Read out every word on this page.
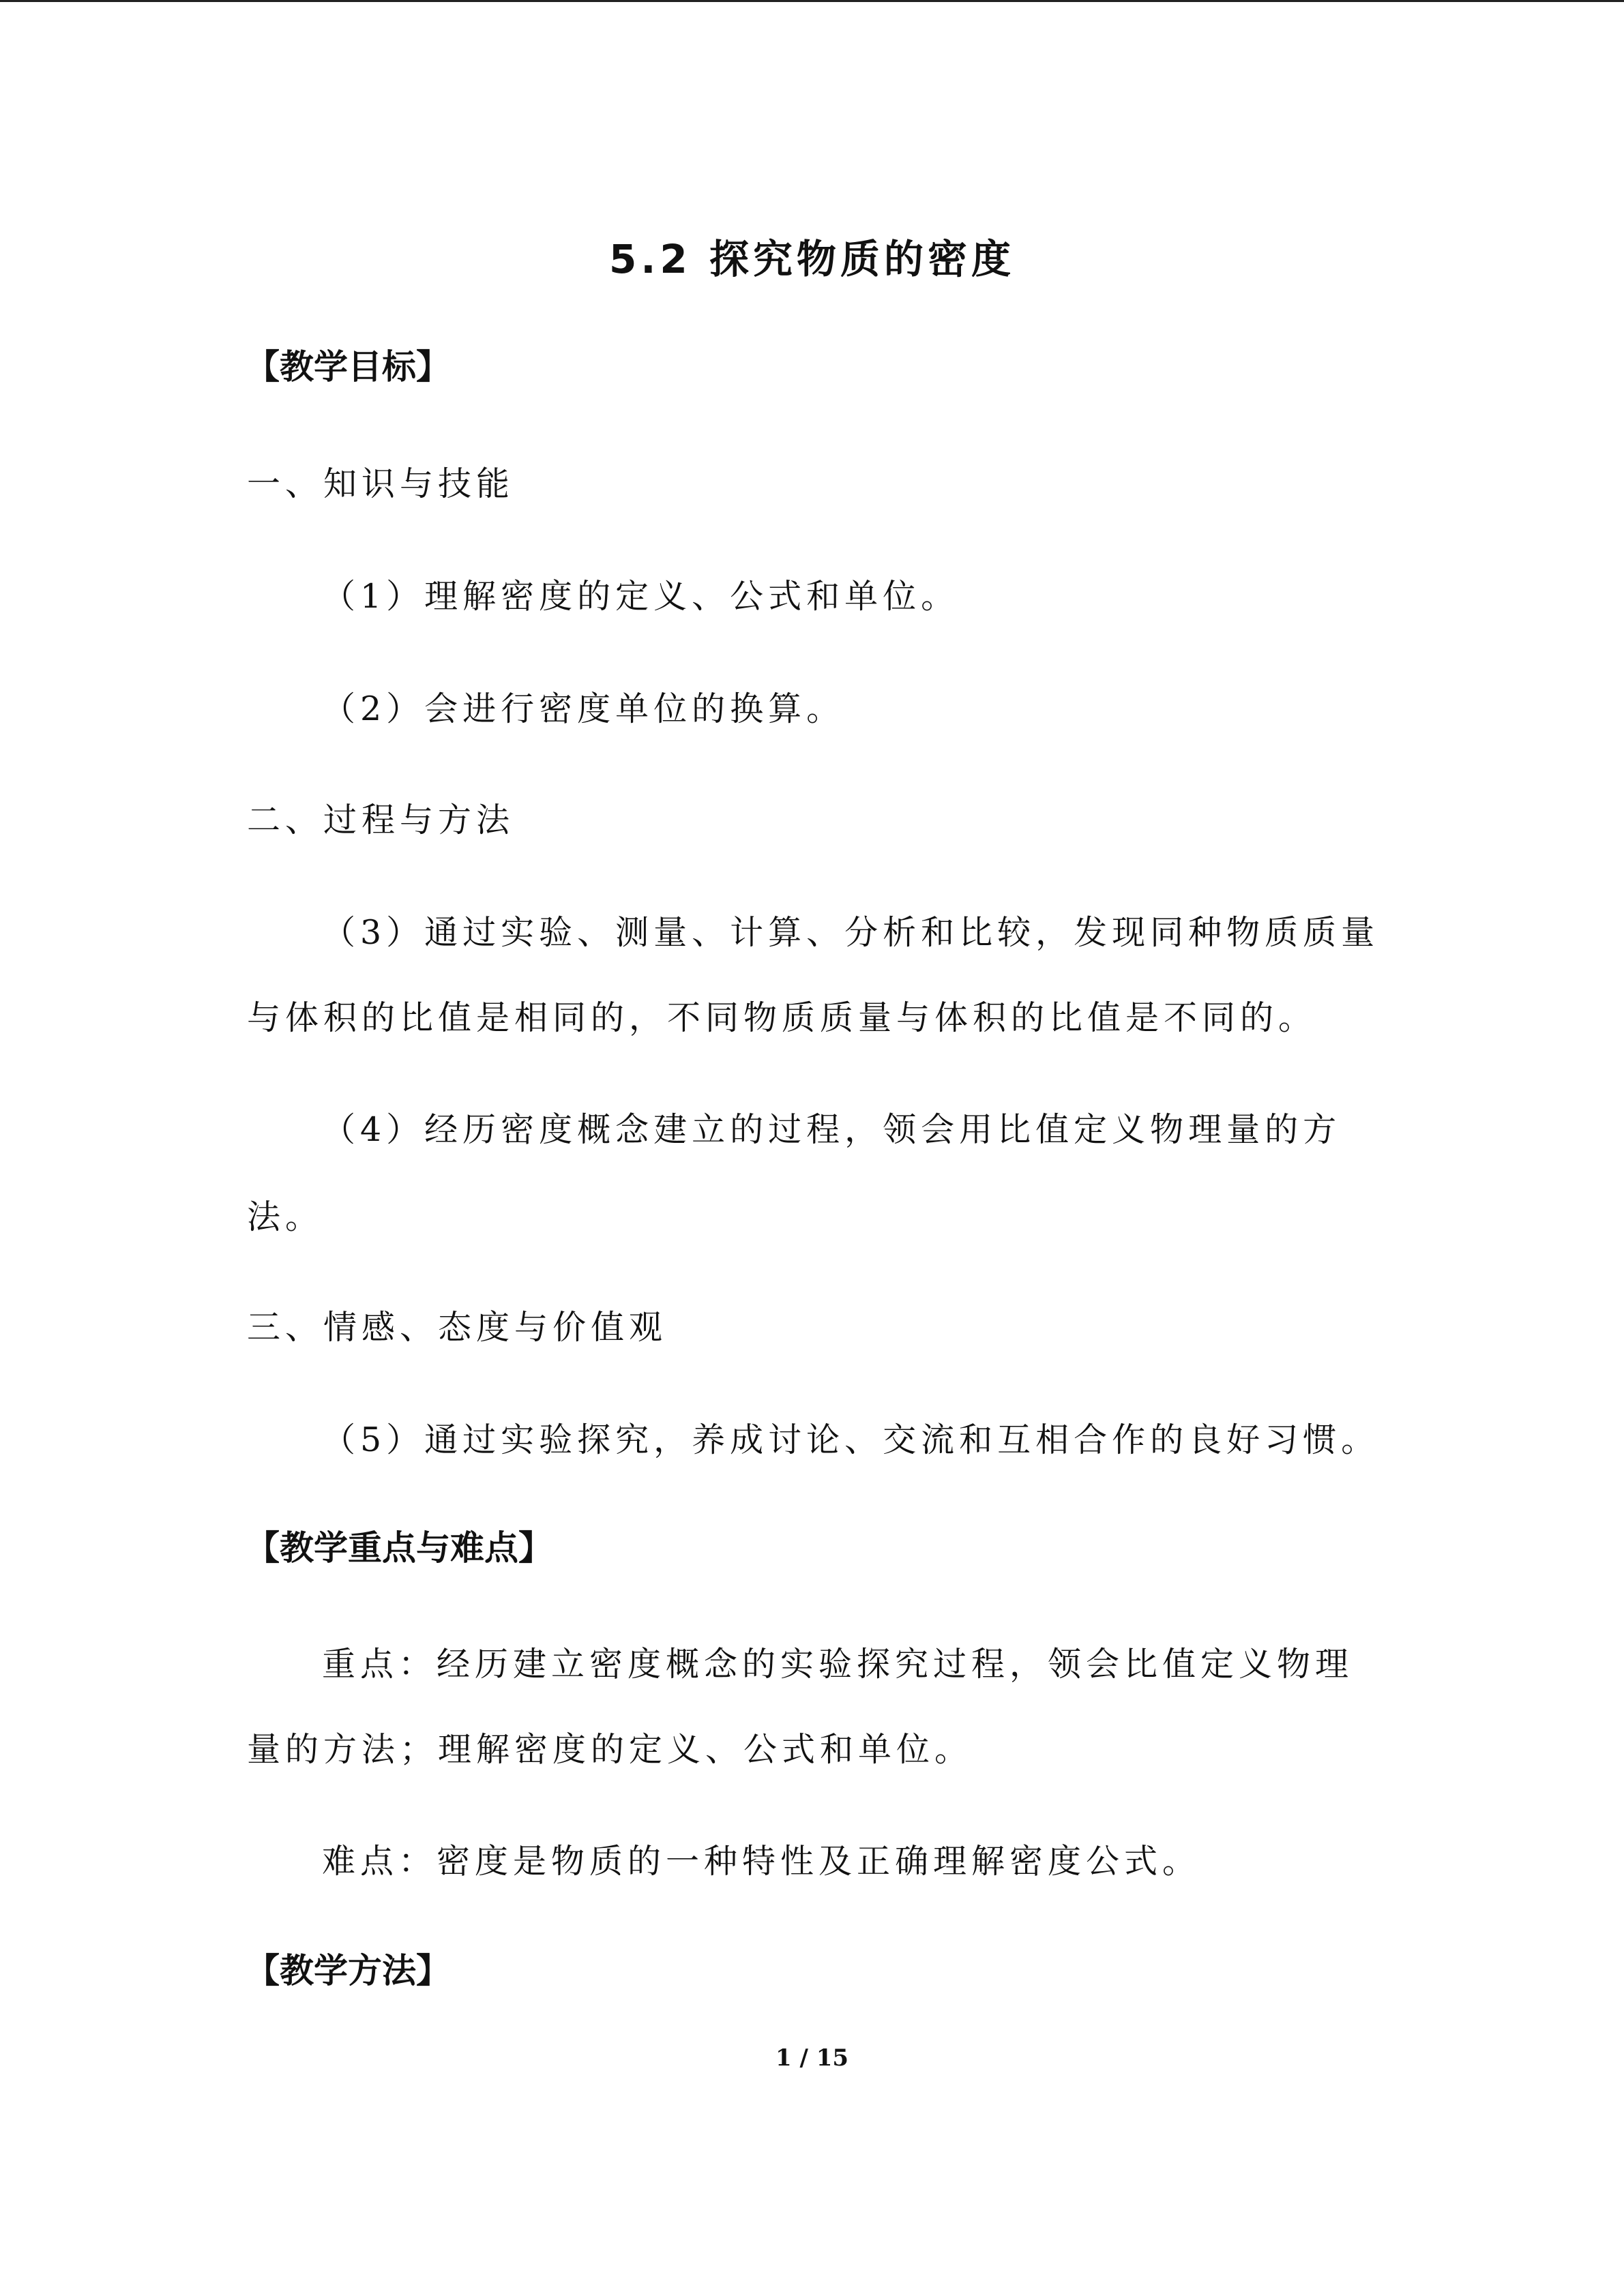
5.2 探究物质的密度
【教学目标】
一、知识与技能
（1）理解密度的定义、公式和单位。
（2）会进行密度单位的换算。
二、过程与方法
（3）通过实验、测量、计算、分析和比较，发现同种物质质量
与体积的比值是相同的，不同物质质量与体积的比值是不同的。
（4）经历密度概念建立的过程，领会用比值定义物理量的方
法。
三、情感、态度与价值观
（5）通过实验探究，养成讨论、交流和互相合作的良好习惯。
【教学重点与难点】
重点：经历建立密度概念的实验探究过程，领会比值定义物理
量的方法；理解密度的定义、公式和单位。
难点：密度是物质的一种特性及正确理解密度公式。
【教学方法】
1 / 15
